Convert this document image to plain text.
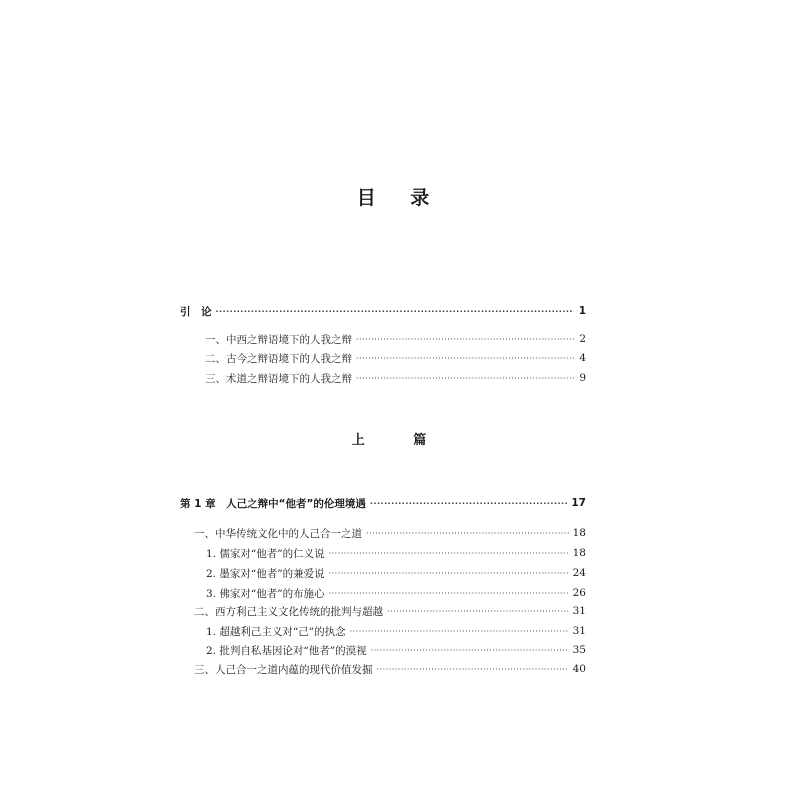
目 录
引　论 ·····	1
一、中西之辩语境下的人我之辩 ·····	2
二、古今之辩语境下的人我之辩 ·····	4
三、术道之辩语境下的人我之辩 ·····	9
上 篇
第 1 章　人己之辩中“他者”的伦理境遇 ·····	17
一、中华传统文化中的人己合一之道 ·····	18
1. 儒家对“他者”的仁义说 ·····	18
2. 墨家对“他者”的兼爱说 ·····	24
3. 佛家对“他者”的布施心 ·····	26
二、西方利己主义文化传统的批判与超越 ·····	31
1. 超越利己主义对“己”的执念 ·····	31
2. 批判自私基因论对“他者”的漠视 ·····	35
三、人己合一之道内蕴的现代价值发掘 ·····	40
